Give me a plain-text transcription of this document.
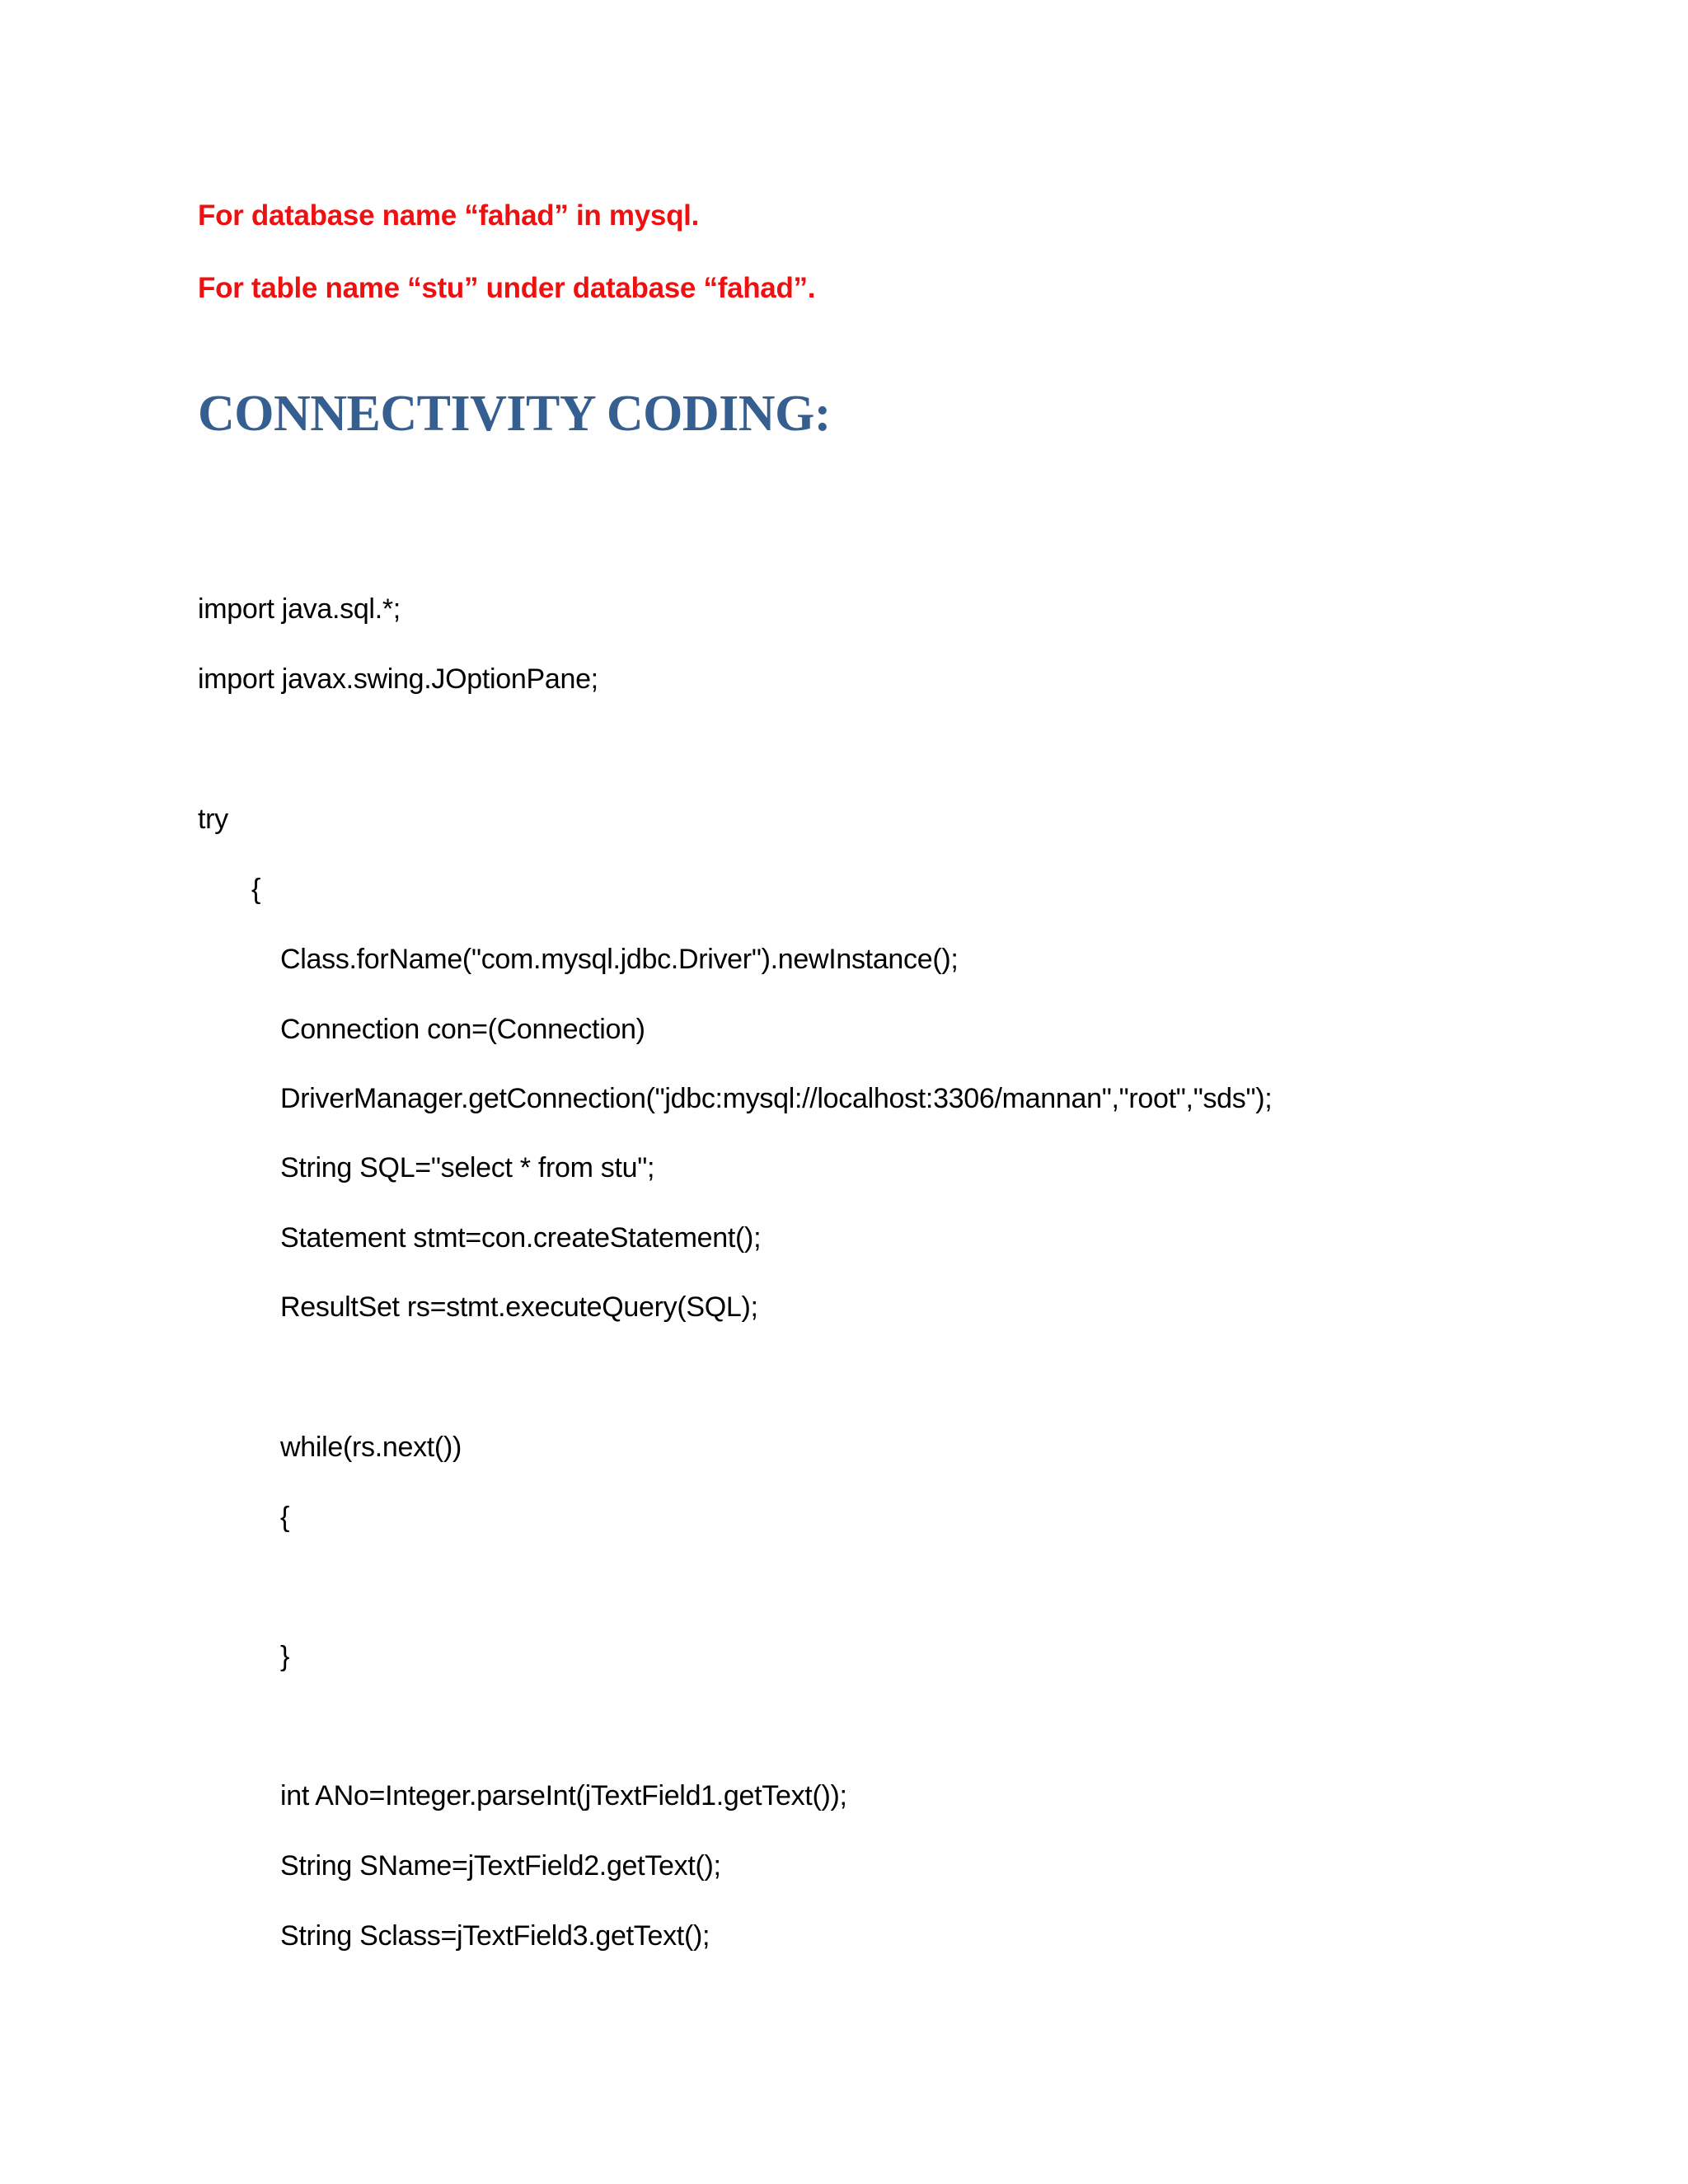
For database name “fahad” in mysql.
For table name “stu” under database “fahad”.
CONNECTIVITY CODING:
import java.sql.*;
import javax.swing.JOptionPane;
try
{
Class.forName("com.mysql.jdbc.Driver").newInstance();
Connection con=(Connection)
DriverManager.getConnection("jdbc:mysql://localhost:3306/mannan","root","sds");
String SQL="select * from stu";
Statement stmt=con.createStatement();
ResultSet rs=stmt.executeQuery(SQL);
while(rs.next())
{
}
int ANo=Integer.parseInt(jTextField1.getText());
String SName=jTextField2.getText();
String Sclass=jTextField3.getText();
